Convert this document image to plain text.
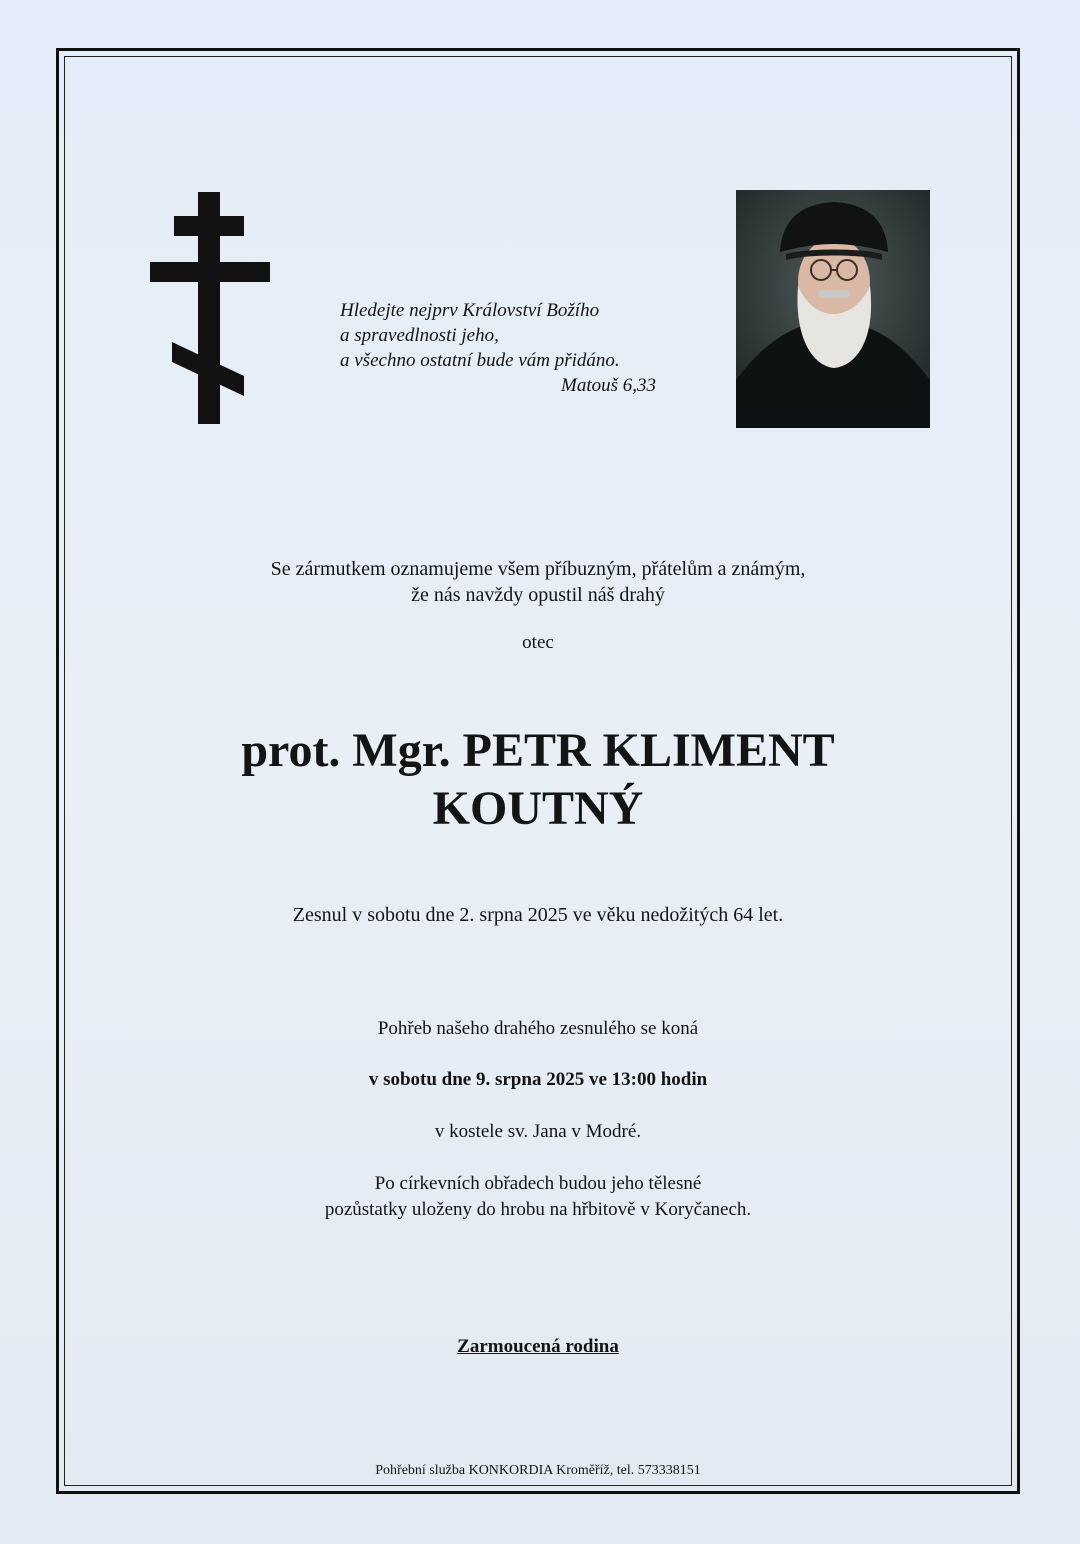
Hledejte nejprv Království Božího
a spravedlnosti jeho,
a všechno ostatní bude vám přidáno.
Matouš 6,33
Se zármutkem oznamujeme všem příbuzným, přátelům a známým,
že nás navždy opustil náš drahý
otec
prot. Mgr. PETR KLIMENT
KOUTNÝ
Zesnul v sobotu dne 2. srpna 2025 ve věku nedožitých 64 let.
Pohřeb našeho drahého zesnulého se koná
v sobotu dne 9. srpna 2025 ve 13:00 hodin
v kostele sv. Jana v Modré.
Po církevních obřadech budou jeho tělesné
pozůstatky uloženy do hrobu na hřbitově v Koryčanech.
Zarmoucená rodina
Pohřební služba KONKORDIA Kroměříž, tel. 573338151
